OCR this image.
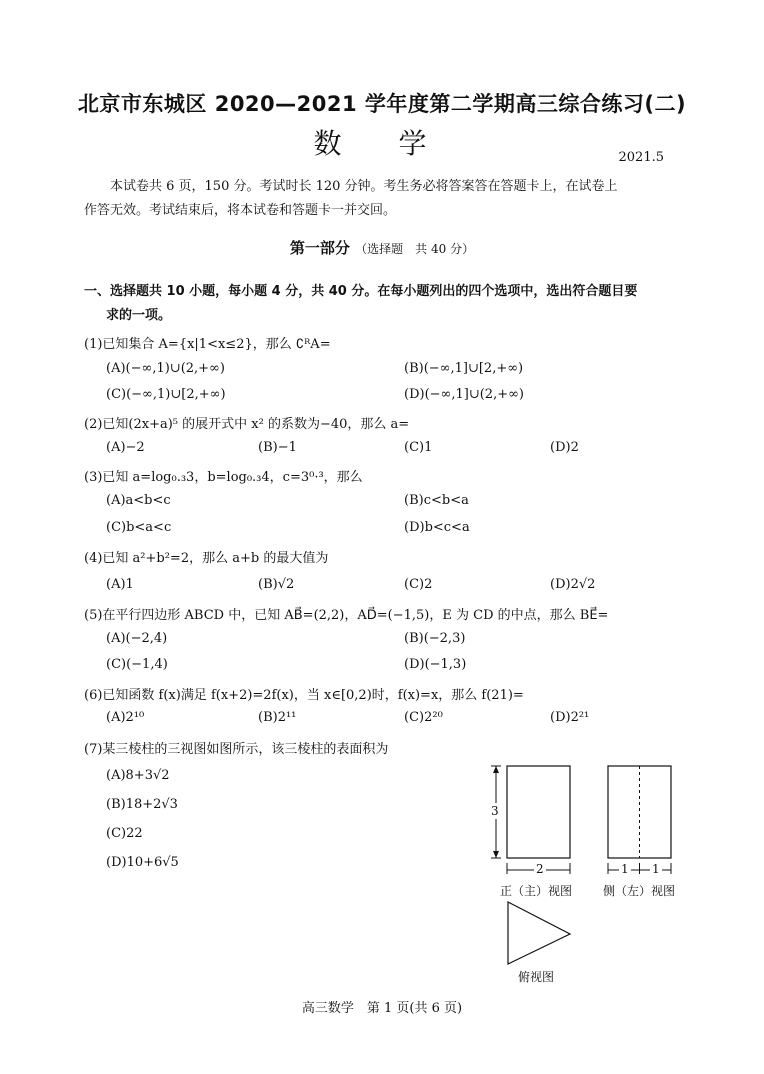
北京市东城区 2020—2021 学年度第二学期高三综合练习(二)
数 学	2021.5
本试卷共 6 页，150 分。考试时长 120 分钟。考生务必将答案答在答题卡上，在试卷上
作答无效。考试结束后，将本试卷和答题卡一并交回。
第一部分 （选择题　共 40 分）
一、选择题共 10 小题，每小题 4 分，共 40 分。在每小题列出的四个选项中，选出符合题目要
求的一项。
(1)已知集合 A={x|1<x≤2}，那么 ∁ᴿA=
(A)(−∞,1)∪(2,+∞)	(B)(−∞,1]∪[2,+∞)
(C)(−∞,1)∪[2,+∞)	(D)(−∞,1]∪(2,+∞)
(2)已知(2x+a)⁵ 的展开式中 x² 的系数为−40，那么 a=
(A)−2	(B)−1	(C)1	(D)2
(3)已知 a=log₀.₃3，b=log₀.₃4，c=3⁰·³，那么
(A)a<b<c	(B)c<b<a
(C)b<a<c	(D)b<c<a
(4)已知 a²+b²=2，那么 a+b 的最大值为
(A)1	(B)√2	(C)2	(D)2√2
(5)在平行四边形 ABCD 中，已知 AB⃗=(2,2)，AD⃗=(−1,5)，E 为 CD 的中点，那么 BE⃗=
(A)(−2,4)	(B)(−2,3)
(C)(−1,4)	(D)(−1,3)
(6)已知函数 f(x)满足 f(x+2)=2f(x)，当 x∈[0,2)时，f(x)=x，那么 f(21)=
(A)2¹⁰	(B)2¹¹	(C)2²⁰	(D)2²¹
(7)某三棱柱的三视图如图所示，该三棱柱的表面积为
(A)8+3√2
(B)18+2√3
(C)22
(D)10+6√5
3
2	1 1
正（主）视图	侧（左）视图
俯视图
高三数学　第 1 页(共 6 页)
